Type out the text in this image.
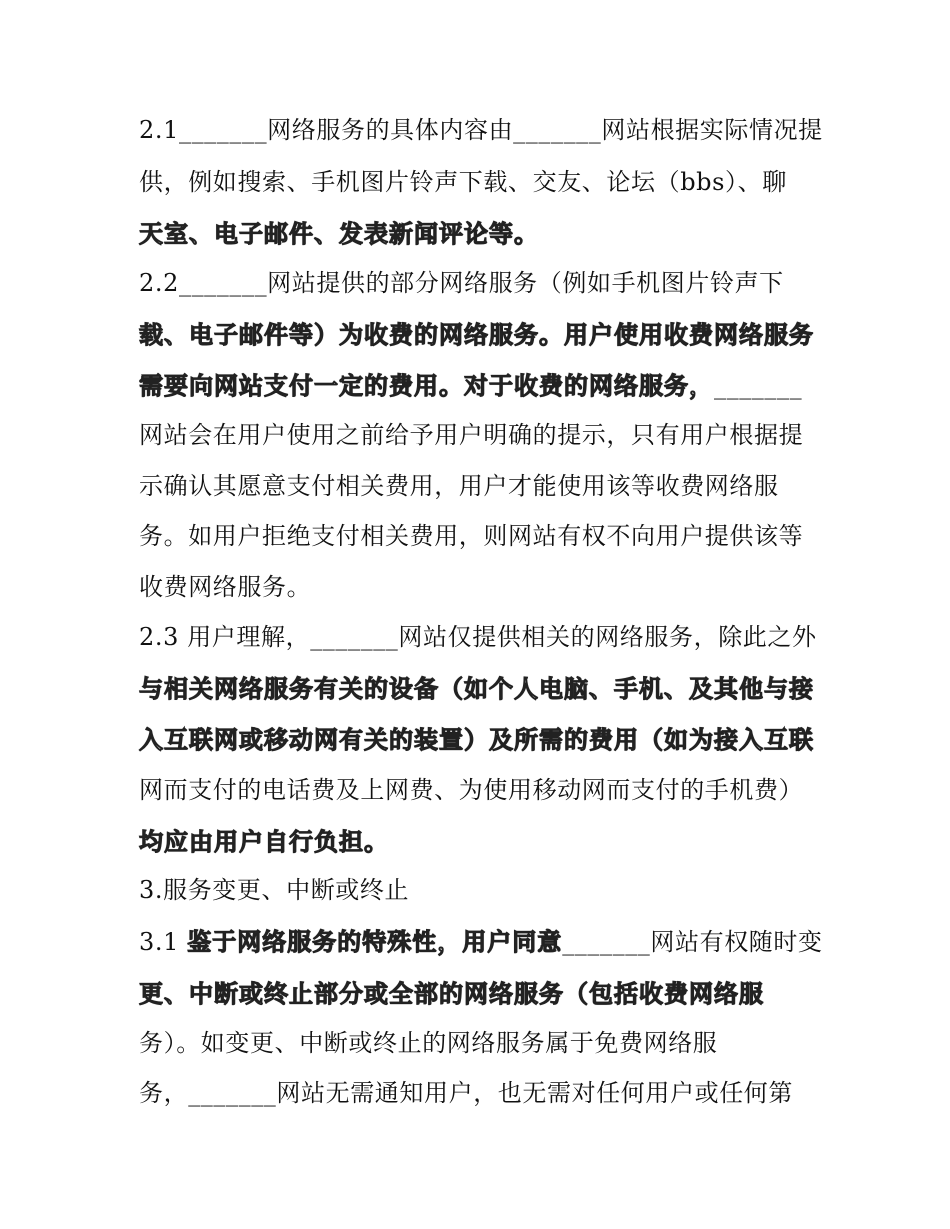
2.1_______网络服务的具体内容由_______网站根据实际情况提
供，例如搜索、手机图片铃声下载、交友、论坛（bbs）、聊
天室、电子邮件、发表新闻评论等。
2.2_______网站提供的部分网络服务（例如手机图片铃声下
载、电子邮件等）为收费的网络服务。用户使用收费网络服务
需要向网站支付一定的费用。对于收费的网络服务，_______
网站会在用户使用之前给予用户明确的提示，只有用户根据提
示确认其愿意支付相关费用，用户才能使用该等收费网络服
务。如用户拒绝支付相关费用，则网站有权不向用户提供该等
收费网络服务。
2.3 用户理解，_______网站仅提供相关的网络服务，除此之外
与相关网络服务有关的设备（如个人电脑、手机、及其他与接
入互联网或移动网有关的装置）及所需的费用（如为接入互联
网而支付的电话费及上网费、为使用移动网而支付的手机费）
均应由用户自行负担。
3.服务变更、中断或终止
3.1 鉴于网络服务的特殊性，用户同意_______网站有权随时变
更、中断或终止部分或全部的网络服务（包括收费网络服
务）。如变更、中断或终止的网络服务属于免费网络服
务，_______网站无需通知用户，也无需对任何用户或任何第
